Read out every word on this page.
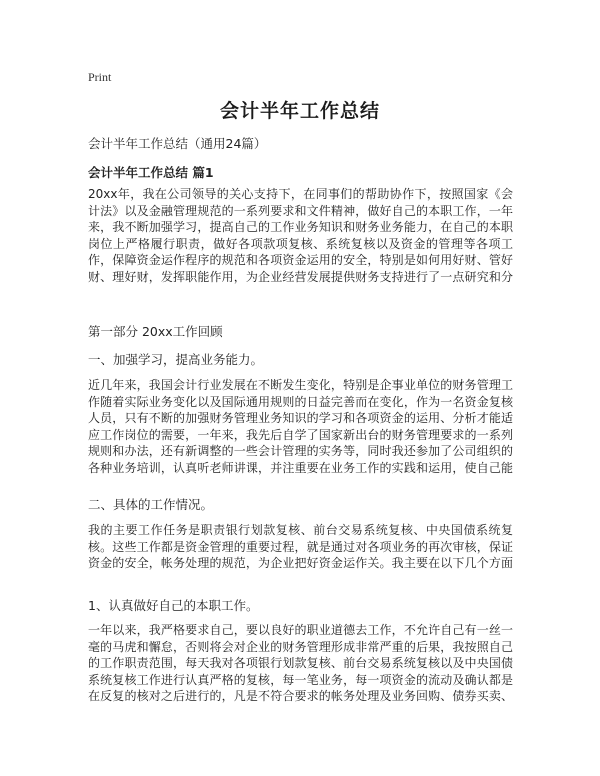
Print
会计半年工作总结
会计半年工作总结（通用24篇）
会计半年工作总结 篇1

20xx年，我在公司领导的关心支持下，在同事们的帮助协作下，按照国家《会计法》以及金融管理规范的一系列要求和文件精神，做好自己的本职工作，一年来，我不断加强学习，提高自己的工作业务知识和财务业务能力，在自己的本职岗位上严格履行职责，做好各项款项复核、系统复核以及资金的管理等各项工作，保障资金运作程序的规范和各项资金运用的安全，特别是如何用好财、管好财、理好财，发挥职能作用，为企业经营发展提供财务支持进行了一点研究和分

第一部分 20xx工作回顾
一、加强学习，提高业务能力。

近几年来，我国会计行业发展在不断发生变化，特别是企事业单位的财务管理工作随着实际业务变化以及国际通用规则的日益完善而在变化，作为一名资金复核人员，只有不断的加强财务管理业务知识的学习和各项资金的运用、分析才能适应工作岗位的需要，一年来，我先后自学了国家新出台的财务管理要求的一系列规则和办法，还有新调整的一些会计管理的实务等，同时我还参加了公司组织的各种业务培训，认真听老师讲课，并注重要在业务工作的实践和运用，使自己能

二、具体的工作情况。

我的主要工作任务是职责银行划款复核、前台交易系统复核、中央国债系统复核。这些工作都是资金管理的重要过程，就是通过对各项业务的再次审核，保证资金的安全，帐务处理的规范，为企业把好资金运作关。我主要在以下几个方面

1、认真做好自己的本职工作。

一年以来，我严格要求自己，要以良好的职业道德去工作，不允许自己有一丝一毫的马虎和懈怠，否则将会对企业的财务管理形成非常严重的后果，我按照自己的工作职责范围，每天我对各项银行划款复核、前台交易系统复核以及中央国债系统复核工作进行认真严格的复核，每一笔业务，每一项资金的流动及确认都是在反复的核对之后进行的，凡是不符合要求的帐务处理及业务回购、债券买卖、
